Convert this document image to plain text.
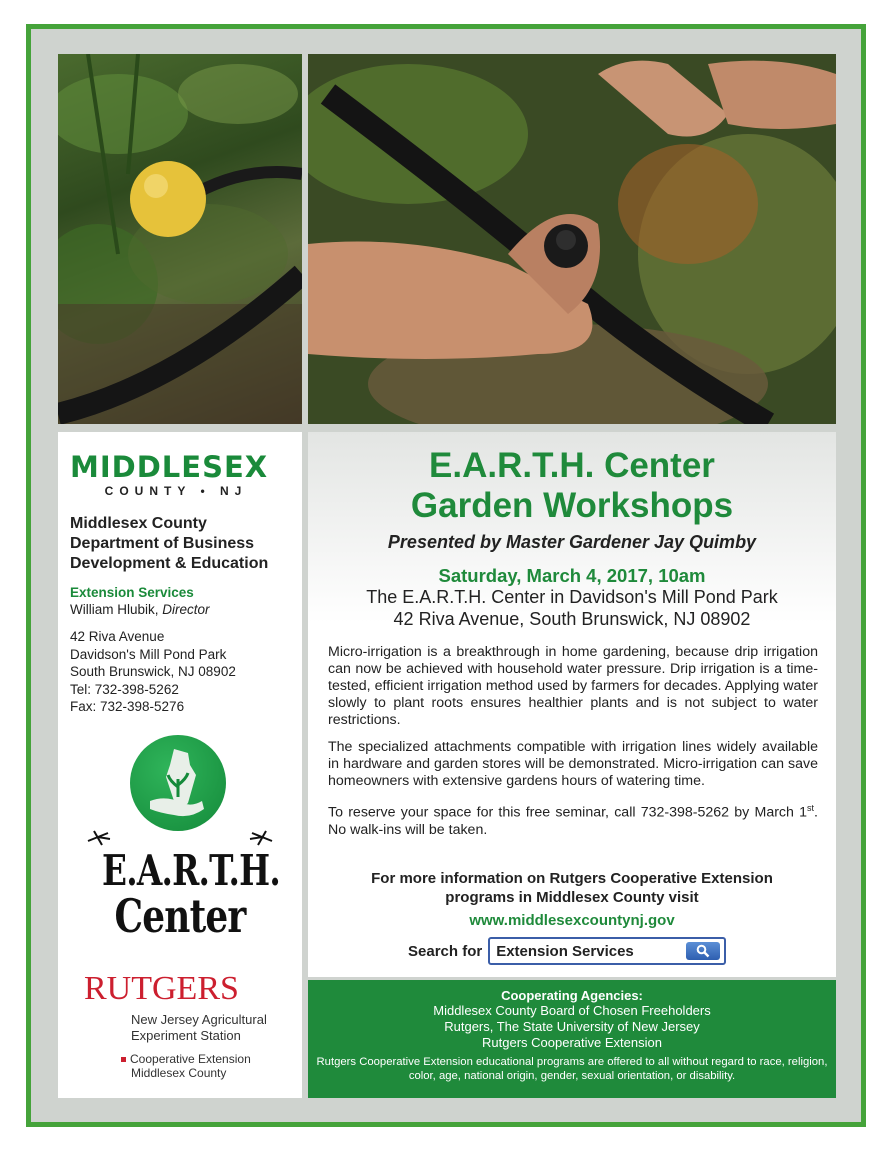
MIDDLESEX
COUNTY • NJ
Middlesex County
Department of Business
Development & Education
Extension Services
William Hlubik, Director
42 Riva Avenue
Davidson's Mill Pond Park
South Brunswick, NJ 08902
Tel: 732-398-5262
Fax: 732-398-5276
E.A.R.T.H.
Center
RUTGERS
New Jersey Agricultural
Experiment Station
Cooperative Extension
Middlesex County
E.A.R.T.H. Center
Garden Workshops
Presented by Master Gardener Jay Quimby
Saturday, March 4, 2017, 10am
The E.A.R.T.H. Center in Davidson's Mill Pond Park
42 Riva Avenue, South Brunswick, NJ 08902

Micro-irrigation is a breakthrough in home gardening, because drip irrigation can now be achieved with household water pressure. Drip irrigation is a time-tested, efficient irrigation method used by farmers for decades. Applying water slowly to plant roots ensures healthier plants and is not subject to water restrictions.

The specialized attachments compatible with irrigation lines widely available in hardware and garden stores will be demonstrated. Micro-irrigation can save homeowners with extensive gardens hours of watering time.

To reserve your space for this free seminar, call 732-398-5262 by March 1st. No walk-ins will be taken.

For more information on Rutgers Cooperative Extension
programs in Middlesex County visit
www.middlesexcountynj.gov
Search for Extension Services
Cooperating Agencies:
Middlesex County Board of Chosen Freeholders
Rutgers, The State University of New Jersey
Rutgers Cooperative Extension
Rutgers Cooperative Extension educational programs are offered to all without regard to race, religion, color, age, national origin, gender, sexual orientation, or disability.
